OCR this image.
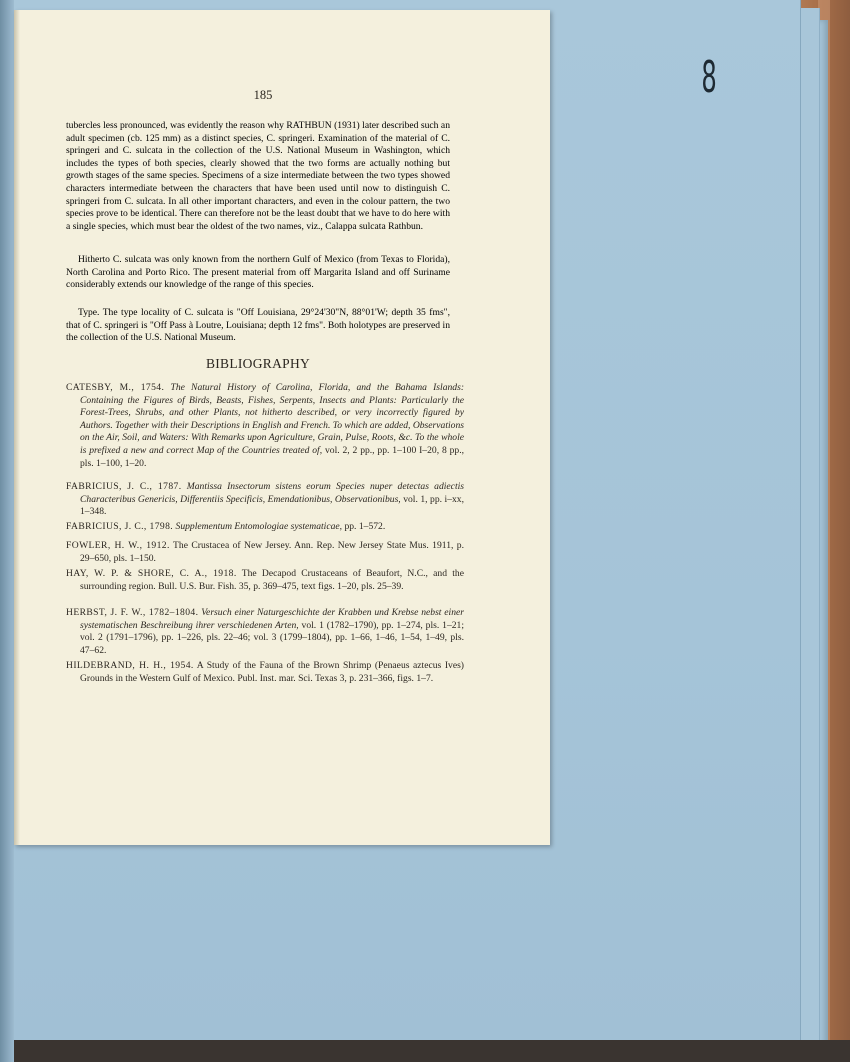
8
185

tubercles less pronounced, was evidently the reason why RATHBUN (1931) later described such an adult specimen (cb. 125 mm) as a distinct species, C. springeri. Examination of the material of C. springeri and C. sulcata in the collection of the U.S. National Museum in Washington, which includes the types of both species, clearly showed that the two forms are actually nothing but growth stages of the same species. Specimens of a size intermediate between the two types showed characters intermediate between the characters that have been used until now to distinguish C. springeri from C. sulcata. In all other important characters, and even in the colour pattern, the two species prove to be identical. There can therefore not be the least doubt that we have to do here with a single species, which must bear the oldest of the two names, viz., Calappa sulcata Rathbun.

Hitherto C. sulcata was only known from the northern Gulf of Mexico (from Texas to Florida), North Carolina and Porto Rico. The present material from off Margarita Island and off Suriname considerably extends our knowledge of the range of this species.

Type. The type locality of C. sulcata is "Off Louisiana, 29°24'30"N, 88°01'W; depth 35 fms", that of C. springeri is "Off Pass à Loutre, Louisiana; depth 12 fms". Both holotypes are preserved in the collection of the U.S. National Museum.

BIBLIOGRAPHY
CATESBY, M., 1754. The Natural History of Carolina, Florida, and the Bahama Islands: Containing the Figures of Birds, Beasts, Fishes, Serpents, Insects and Plants: Particularly the Forest-Trees, Shrubs, and other Plants, not hitherto described, or very incorrectly figured by Authors. Together with their Descriptions in English and French. To which are added, Observations on the Air, Soil, and Waters: With Remarks upon Agriculture, Grain, Pulse, Roots, &c. To the whole is prefixed a new and correct Map of the Countries treated of, vol. 2, 2 pp., pp. 1–100 I–20, 8 pp., pls. 1–100, 1–20.
FABRICIUS, J. C., 1787. Mantissa Insectorum sistens eorum Species nuper detectas adiectis Characteribus Genericis, Differentiis Specificis, Emendationibus, Observationibus, vol. 1, pp. i–xx, 1–348.
FABRICIUS, J. C., 1798. Supplementum Entomologiae systematicae, pp. 1–572.
FOWLER, H. W., 1912. The Crustacea of New Jersey. Ann. Rep. New Jersey State Mus. 1911, p. 29–650, pls. 1–150.
HAY, W. P. & SHORE, C. A., 1918. The Decapod Crustaceans of Beaufort, N.C., and the surrounding region. Bull. U.S. Bur. Fish. 35, p. 369–475, text figs. 1–20, pls. 25–39.
HERBST, J. F. W., 1782–1804. Versuch einer Naturgeschichte der Krabben und Krebse nebst einer systematischen Beschreibung ihrer verschiedenen Arten, vol. 1 (1782–1790), pp. 1–274, pls. 1–21; vol. 2 (1791–1796), pp. 1–226, pls. 22–46; vol. 3 (1799–1804), pp. 1–66, 1–46, 1–54, 1–49, pls. 47–62.
HILDEBRAND, H. H., 1954. A Study of the Fauna of the Brown Shrimp (Penaeus aztecus Ives) Grounds in the Western Gulf of Mexico. Publ. Inst. mar. Sci. Texas 3, p. 231–366, figs. 1–7.
